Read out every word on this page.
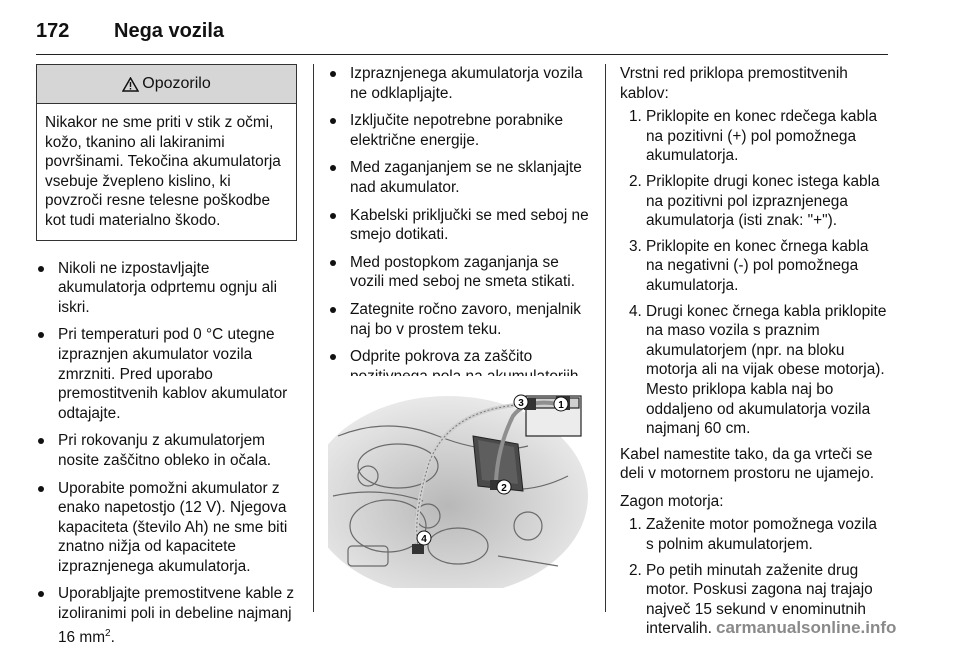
172 Nega vozila
Opozorilo

Nikakor ne sme priti v stik z očmi, kožo, tkanino ali lakiranimi površinami. Tekočina akumulatorja vsebuje žvepleno kislino, ki povzroči resne telesne poškodbe kot tudi materialno škodo.

Nikoli ne izpostavljajte akumulatorja odprtemu ognju ali iskri.
Pri temperaturi pod 0 °C utegne izpraznjen akumulator vozila zmrzniti. Pred uporabo premostitvenih kablov akumulator odtajajte.
Pri rokovanju z akumulatorjem nosite zaščitno obleko in očala.
Uporabite pomožni akumulator z enako napetostjo (12 V). Njegova kapaciteta (število Ah) ne sme biti znatno nižja od kapacitete izpraznjenega akumulatorja.
Uporabljajte premostitvene kable z izoliranimi poli in debeline najmanj 16 $mm^2$.
Izpraznjenega akumulatorja vozila ne odklapljajte.
Izključite nepotrebne porabnike električne energije.
Med zaganjanjem se ne sklanjajte nad akumulator.
Kabelski priključki se med seboj ne smejo dotikati.
Med postopkom zaganjanja se vozili med seboj ne smeta stikati.
Zategnite ročno zavoro, menjalnik naj bo v prostem teku.
Odprite pokrova za zaščito
1
2
3
4

Vrstni red priklopa premostitvenih kablov:

1. Priklopite en konec rdečega kabla na pozitivni (+) pol pomožnega akumulatorja.
2. Priklopite drugi konec istega kabla na pozitivni pol izpraznjenega akumulatorja (isti znak: "+").
3. Priklopite en konec črnega kabla na negativni (-) pol pomožnega akumulatorja.
4. Drugi konec črnega kabla priklopite na maso vozila s praznim akumulatorjem (npr. na bloku motorja ali na vijak obese motorja). Mesto priklopa kabla naj bo oddaljeno od akumulatorja vozila najmanj 60 cm.

Kabel namestite tako, da ga vrteči se deli v motornem prostoru ne ujamejo.

Zagon motorja:

1. Zaženite motor pomožnega vozila s polnim akumulatorjem.
2. Po petih minutah zaženite drug motor. Poskusi zagona naj trajajo največ 15 sekund v enominutnih intervalih. carmanualsonline.info
